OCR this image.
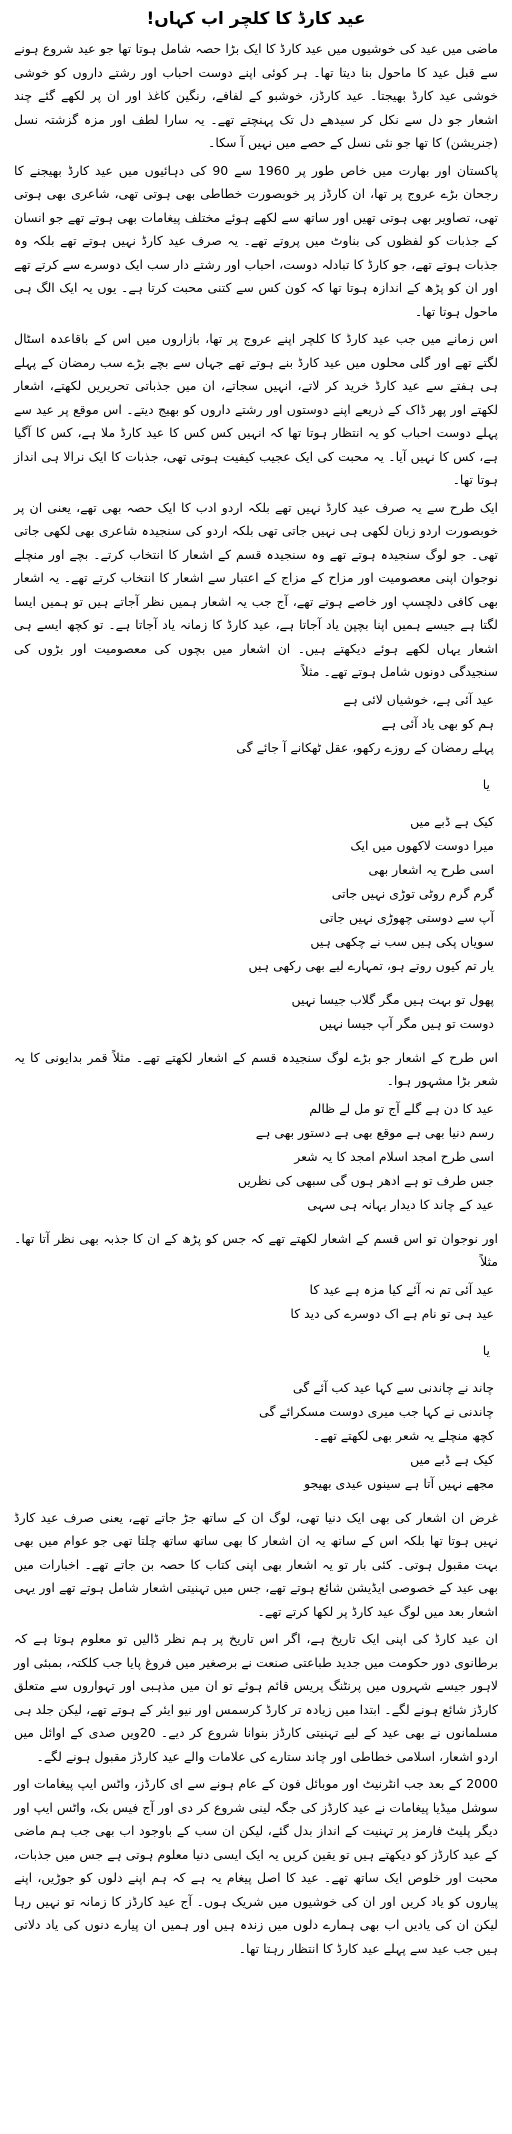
عید کارڈ کا کلچر اب کہاں!

ماضی میں عید کی خوشیوں میں عید کارڈ کا ایک بڑا حصہ شامل ہوتا تھا جو عید شروع ہونے سے قبل عید کا ماحول بنا دیتا تھا۔ ہر کوئی اپنے دوست احباب اور رشتے داروں کو خوشی خوشی عید کارڈ بھیجتا۔ عید کارڈز، خوشبو کے لفافے، رنگین کاغذ اور ان پر لکھے گئے چند اشعار جو دل سے نکل کر سیدھے دل تک پہنچتے تھے۔ یہ سارا لطف اور مزہ گزشتہ نسل (جنریشن) کا تھا جو نئی نسل کے حصے میں نہیں آ سکا۔

پاکستان اور بھارت میں خاص طور پر 1960 سے 90 کی دہائیوں میں عید کارڈ بھیجنے کا رجحان بڑے عروج پر تھا، ان کارڈز پر خوبصورت خطاطی بھی ہوتی تھی، شاعری بھی ہوتی تھی، تصاویر بھی ہوتی تھیں اور ساتھ سے لکھے ہوئے مختلف پیغامات بھی ہوتے تھے جو انسان کے جذبات کو لفظوں کی بناوٹ میں پروتے تھے۔ یہ صرف عید کارڈ نہیں ہوتے تھے بلکہ وہ جذبات ہوتے تھے، جو کارڈ کا تبادلہ دوست، احباب اور رشتے دار سب ایک دوسرے سے کرتے تھے اور ان کو پڑھ کے اندازہ ہوتا تھا کہ کون کس سے کتنی محبت کرتا ہے۔ یوں یہ ایک الگ ہی ماحول ہوتا تھا۔

اس زمانے میں جب عید کارڈ کا کلچر اپنے عروج پر تھا، بازاروں میں اس کے باقاعدہ اسٹال لگتے تھے اور گلی محلوں میں عید کارڈ بنے ہوتے تھے جہاں سے بچے بڑے سب رمضان کے پہلے ہی ہفتے سے عید کارڈ خرید کر لاتے، انہیں سجاتے، ان میں جذباتی تحریریں لکھتے، اشعار لکھتے اور پھر ڈاک کے ذریعے اپنے دوستوں اور رشتے داروں کو بھیج دیتے۔ اس موقع پر عید سے پہلے دوست احباب کو یہ انتظار ہوتا تھا کہ انہیں کس کس کا عید کارڈ ملا ہے، کس کا آگیا ہے، کس کا نہیں آیا۔ یہ محبت کی ایک عجیب کیفیت ہوتی تھی، جذبات کا ایک نرالا ہی انداز ہوتا تھا۔

ایک طرح سے یہ صرف عید کارڈ نہیں تھے بلکہ اردو ادب کا ایک حصہ بھی تھے، یعنی ان پر خوبصورت اردو زبان لکھی ہی نہیں جاتی تھی بلکہ اردو کی سنجیدہ شاعری بھی لکھی جاتی تھی۔ جو لوگ سنجیدہ ہوتے تھے وہ سنجیدہ قسم کے اشعار کا انتخاب کرتے۔ بچے اور منچلے نوجوان اپنی معصومیت اور مزاح کے مزاج کے اعتبار سے اشعار کا انتخاب کرتے تھے۔ یہ اشعار بھی کافی دلچسپ اور خاصے ہوتے تھے، آج جب یہ اشعار ہمیں نظر آجاتے ہیں تو ہمیں ایسا لگتا ہے جیسے ہمیں اپنا بچپن یاد آجاتا ہے، عید کارڈ کا زمانہ یاد آجاتا ہے۔ تو کچھ ایسے ہی اشعار یہاں لکھے ہوئے دیکھتے ہیں۔ ان اشعار میں بچوں کی معصومیت اور بڑوں کی سنجیدگی دونوں شامل ہوتے تھے۔ مثلاً

عید آئی ہے، خوشیاں لائی ہے
ہم کو بھی یاد آئی ہے
پہلے رمضان کے روزے رکھو، عقل ٹھکانے آ جائے گی
یا
کیک ہے ڈبے میں
میرا دوست لاکھوں میں ایک
اسی طرح یہ اشعار بھی
گرم گرم روٹی توڑی نہیں جاتی
آپ سے دوستی چھوڑی نہیں جاتی
سویاں پکی ہیں سب نے چکھی ہیں
یار تم کیوں روتے ہو، تمہارے لیے بھی رکھی ہیں
پھول تو بہت ہیں مگر گلاب جیسا نہیں
دوست تو ہیں مگر آپ جیسا نہیں

اس طرح کے اشعار جو بڑے لوگ سنجیدہ قسم کے اشعار لکھتے تھے۔ مثلاً قمر بدایونی کا یہ شعر بڑا مشہور ہوا۔

عید کا دن ہے گلے آج تو مل لے ظالم
رسم دنیا بھی ہے موقع بھی ہے دستور بھی ہے
اسی طرح امجد اسلام امجد کا یہ شعر
جس طرف تو ہے ادھر ہوں گی سبھی کی نظریں
عید کے چاند کا دیدار بہانہ ہی سہی

اور نوجوان تو اس قسم کے اشعار لکھتے تھے کہ جس کو پڑھ کے ان کا جذبہ بھی نظر آتا تھا۔ مثلاً

عید آئی تم نہ آئے کیا مزہ ہے عید کا
عید ہی تو نام ہے اک دوسرے کی دید کا
یا
چاند نے چاندنی سے کہا عید کب آئے گی
چاندنی نے کہا جب میری دوست مسکرائے گی
کچھ منچلے یہ شعر بھی لکھتے تھے۔
کیک ہے ڈبے میں
مجھے نہیں آتا ہے سینوں عیدی بھیجو

غرض ان اشعار کی بھی ایک دنیا تھی، لوگ ان کے ساتھ جڑ جاتے تھے، یعنی صرف عید کارڈ نہیں ہوتا تھا بلکہ اس کے ساتھ یہ ان اشعار کا بھی ساتھ ساتھ چلتا تھی جو عوام میں بھی بہت مقبول ہوتی۔ کئی بار تو یہ اشعار بھی اپنی کتاب کا حصہ بن جاتے تھے۔ اخبارات میں بھی عید کے خصوصی ایڈیشن شائع ہوتے تھے، جس میں تہنیتی اشعار شامل ہوتے تھے اور یہی اشعار بعد میں لوگ عید کارڈ پر لکھا کرتے تھے۔

ان عید کارڈ کی اپنی ایک تاریخ ہے، اگر اس تاریخ پر ہم نظر ڈالیں تو معلوم ہوتا ہے کہ برطانوی دور حکومت میں جدید طباعتی صنعت نے برصغیر میں فروغ پایا جب کلکتہ، بمبئی اور لاہور جیسے شہروں میں پرنٹنگ پریس قائم ہوئے تو ان میں مذہبی اور تہواروں سے متعلق کارڈز شائع ہونے لگے۔ ابتدا میں زیادہ تر کارڈ کرسمس اور نیو ایئر کے ہوتے تھے، لیکن جلد ہی مسلمانوں نے بھی عید کے لیے تہنیتی کارڈز بنوانا شروع کر دیے۔ 20ویں صدی کے اوائل میں اردو اشعار، اسلامی خطاطی اور چاند ستارے کی علامات والے عید کارڈز مقبول ہونے لگے۔

2000 کے بعد جب انٹرنیٹ اور موبائل فون کے عام ہونے سے ای کارڈز، واٹس ایپ پیغامات اور سوشل میڈیا پیغامات نے عید کارڈز کی جگہ لینی شروع کر دی اور آج فیس بک، واٹس ایپ اور دیگر پلیٹ فارمز پر تہنیت کے انداز بدل گئے، لیکن ان سب کے باوجود اب بھی جب ہم ماضی کے عید کارڈز کو دیکھتے ہیں تو یقین کریں یہ ایک ایسی دنیا معلوم ہوتی ہے جس میں جذبات، محبت اور خلوص ایک ساتھ تھے۔ عید کا اصل پیغام یہ ہے کہ ہم اپنے دلوں کو جوڑیں، اپنے پیاروں کو یاد کریں اور ان کی خوشیوں میں شریک ہوں۔ آج عید کارڈز کا زمانہ تو نہیں رہا لیکن ان کی یادیں اب بھی ہمارے دلوں میں زندہ ہیں اور ہمیں ان پیارے دنوں کی یاد دلاتی ہیں جب عید سے پہلے عید کارڈ کا انتظار رہتا تھا۔
